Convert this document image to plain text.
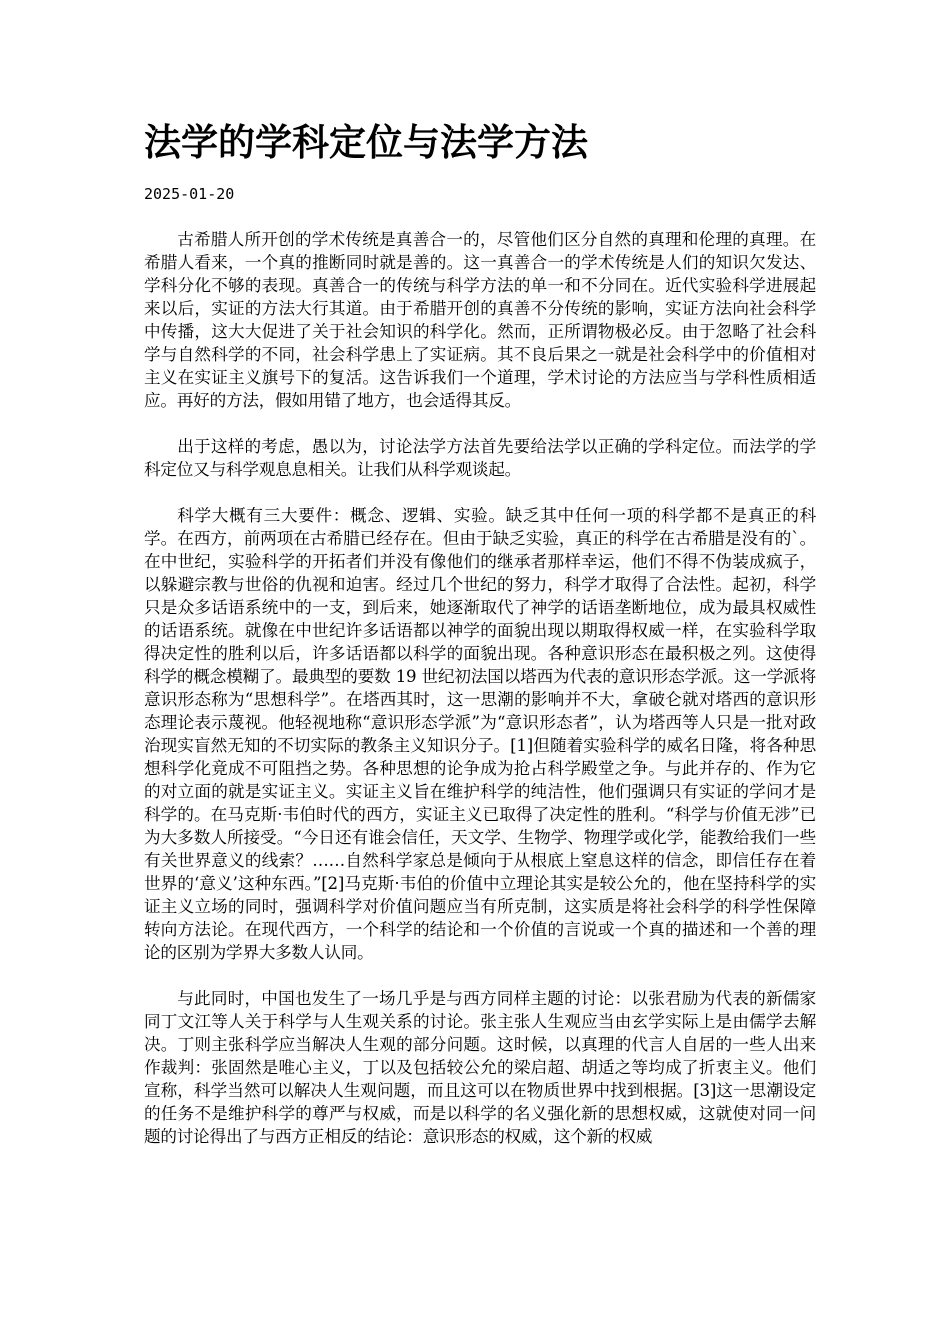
法学的学科定位与法学方法
2025-01-20

古希腊人所开创的学术传统是真善合一的，尽管他们区分自然的真理和伦理的真理。在希腊人看来，一个真的推断同时就是善的。这一真善合一的学术传统是人们的知识欠发达、学科分化不够的表现。真善合一的传统与科学方法的单一和不分同在。近代实验科学进展起来以后，实证的方法大行其道。由于希腊开创的真善不分传统的影响，实证方法向社会科学中传播，这大大促进了关于社会知识的科学化。然而，正所谓物极必反。由于忽略了社会科学与自然科学的不同，社会科学患上了实证病。其不良后果之一就是社会科学中的价值相对主义在实证主义旗号下的复活。这告诉我们一个道理，学术讨论的方法应当与学科性质相适应。再好的方法，假如用错了地方，也会适得其反。

出于这样的考虑，愚以为，讨论法学方法首先要给法学以正确的学科定位。而法学的学科定位又与科学观息息相关。让我们从科学观谈起。

科学大概有三大要件：概念、逻辑、实验。缺乏其中任何一项的科学都不是真正的科学。在西方，前两项在古希腊已经存在。但由于缺乏实验，真正的科学在古希腊是没有的`。在中世纪，实验科学的开拓者们并没有像他们的继承者那样幸运，他们不得不伪装成疯子，以躲避宗教与世俗的仇视和迫害。经过几个世纪的努力，科学才取得了合法性。起初，科学只是众多话语系统中的一支，到后来，她逐渐取代了神学的话语垄断地位，成为最具权威性的话语系统。就像在中世纪许多话语都以神学的面貌出现以期取得权威一样，在实验科学取得决定性的胜利以后，许多话语都以科学的面貌出现。各种意识形态在最积极之列。这使得科学的概念模糊了。最典型的要数 19 世纪初法国以塔西为代表的意识形态学派。这一学派将意识形态称为“思想科学”。在塔西其时，这一思潮的影响并不大，拿破仑就对塔西的意识形态理论表示蔑视。他轻视地称“意识形态学派”为“意识形态者”，认为塔西等人只是一批对政治现实盲然无知的不切实际的教条主义知识分子。[1]但随着实验科学的威名日隆，将各种思想科学化竟成不可阻挡之势。各种思想的论争成为抢占科学殿堂之争。与此并存的、作为它的对立面的就是实证主义。实证主义旨在维护科学的纯洁性，他们强调只有实证的学问才是科学的。在马克斯·韦伯时代的西方，实证主义已取得了决定性的胜利。“科学与价值无涉”已为大多数人所接受。“今日还有谁会信任，天文学、生物学、物理学或化学，能教给我们一些有关世界意义的线索？……自然科学家总是倾向于从根底上窒息这样的信念，即信任存在着世界的‘意义’这种东西。”[2]马克斯·韦伯的价值中立理论其实是较公允的，他在坚持科学的实证主义立场的同时，强调科学对价值问题应当有所克制，这实质是将社会科学的科学性保障转向方法论。在现代西方，一个科学的结论和一个价值的言说或一个真的描述和一个善的理论的区别为学界大多数人认同。

与此同时，中国也发生了一场几乎是与西方同样主题的讨论：以张君励为代表的新儒家同丁文江等人关于科学与人生观关系的讨论。张主张人生观应当由玄学实际上是由儒学去解决。丁则主张科学应当解决人生观的部分问题。这时候，以真理的代言人自居的一些人出来作裁判：张固然是唯心主义，丁以及包括较公允的梁启超、胡适之等均成了折衷主义。他们宣称，科学当然可以解决人生观问题，而且这可以在物质世界中找到根据。[3]这一思潮设定的任务不是维护科学的尊严与权威，而是以科学的名义强化新的思想权威，这就使对同一问题的讨论得出了与西方正相反的结论：意识形态的权威，这个新的权威
